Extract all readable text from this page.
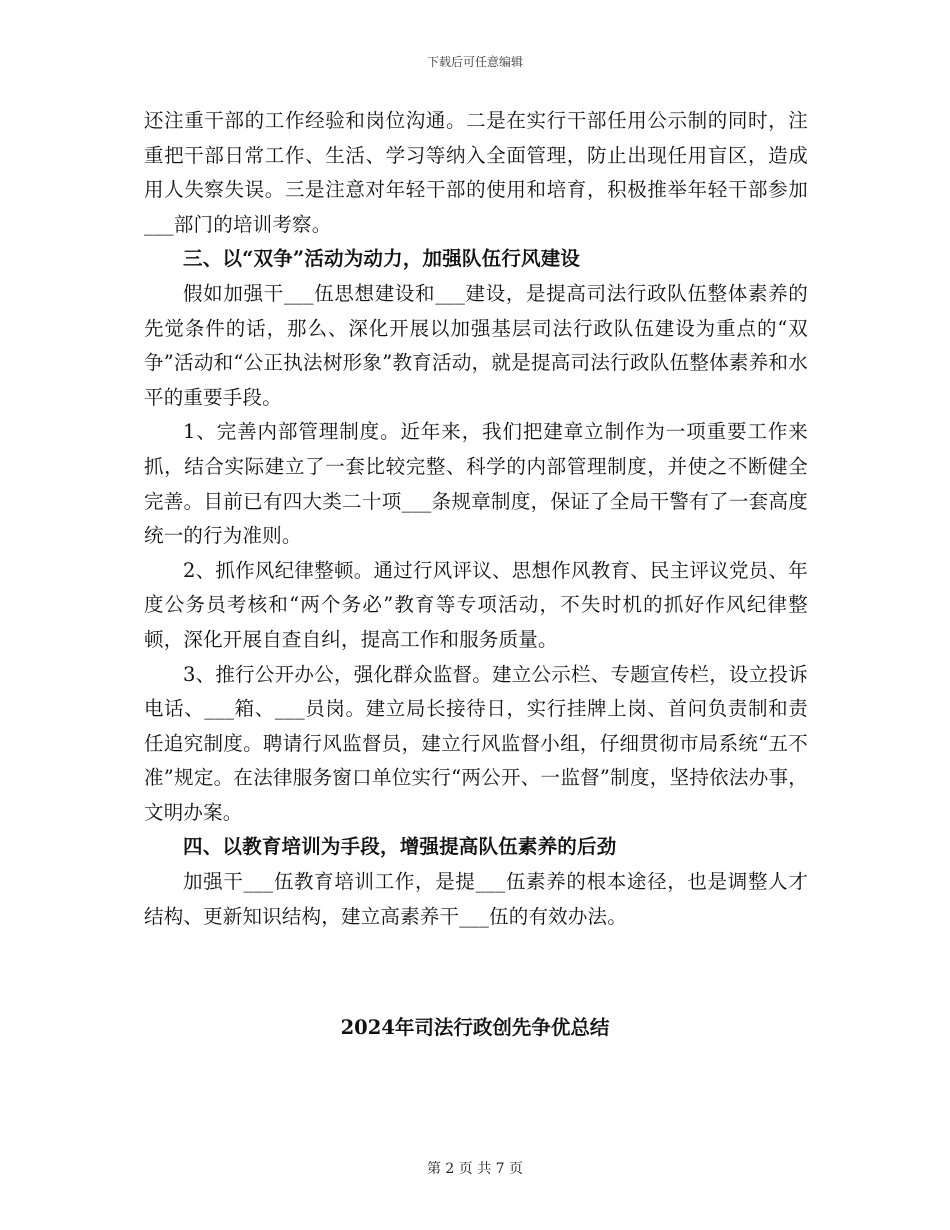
下载后可任意编辑

还注重干部的工作经验和岗位沟通。二是在实行干部任用公示制的同时，注重把干部日常工作、生活、学习等纳入全面管理，防止出现任用盲区，造成用人失察失误。三是注意对年轻干部的使用和培育，积极推举年轻干部参加___部门的培训考察。

三、以“双争”活动为动力，加强队伍行风建设

假如加强干___伍思想建设和___建设，是提高司法行政队伍整体素养的先觉条件的话，那么、深化开展以加强基层司法行政队伍建设为重点的“双争”活动和“公正执法树形象”教育活动，就是提高司法行政队伍整体素养和水平的重要手段。

1、完善内部管理制度。近年来，我们把建章立制作为一项重要工作来抓，结合实际建立了一套比较完整、科学的内部管理制度，并使之不断健全完善。目前已有四大类二十项___条规章制度，保证了全局干警有了一套高度统一的行为准则。

2、抓作风纪律整顿。通过行风评议、思想作风教育、民主评议党员、年度公务员考核和“两个务必”教育等专项活动，不失时机的抓好作风纪律整顿，深化开展自查自纠，提高工作和服务质量。

3、推行公开办公，强化群众监督。建立公示栏、专题宣传栏，设立投诉电话、___箱、___员岗。建立局长接待日，实行挂牌上岗、首问负责制和责任追究制度。聘请行风监督员，建立行风监督小组，仔细贯彻市局系统“五不准”规定。在法律服务窗口单位实行“两公开、一监督”制度，坚持依法办事，文明办案。

四、以教育培训为手段，增强提高队伍素养的后劲

加强干___伍教育培训工作，是提___伍素养的根本途径，也是调整人才结构、更新知识结构，建立高素养干___伍的有效办法。

2024年司法行政创先争优总结
第 2 页 共 7 页
